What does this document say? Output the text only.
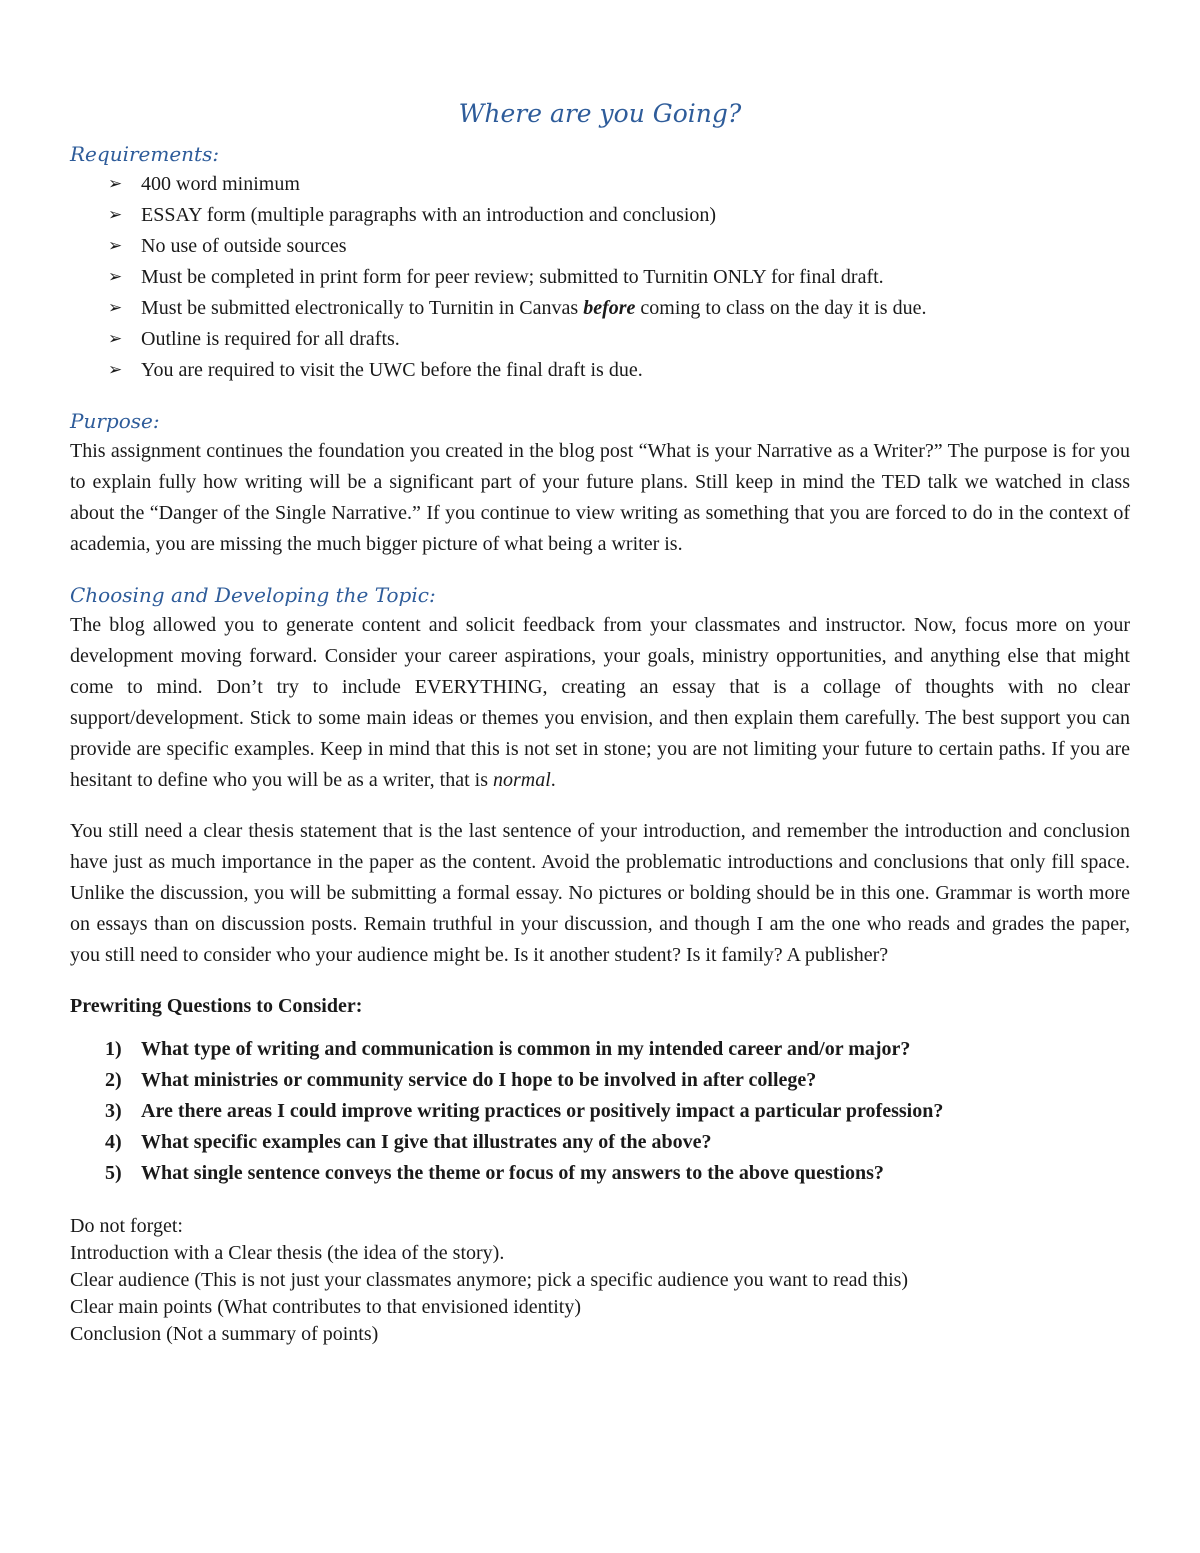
Where are you Going?
Requirements:
➢ 400 word minimum
➢ ESSAY form (multiple paragraphs with an introduction and conclusion)
➢ No use of outside sources
➢ Must be completed in print form for peer review; submitted to Turnitin ONLY for final draft.
➢ Must be submitted electronically to Turnitin in Canvas before coming to class on the day it is due.
➢ Outline is required for all drafts.
➢ You are required to visit the UWC before the final draft is due.
Purpose:

This assignment continues the foundation you created in the blog post “What is your Narrative as a Writer?” The purpose is for you to explain fully how writing will be a significant part of your future plans. Still keep in mind the TED talk we watched in class about the “Danger of the Single Narrative.” If you continue to view writing as something that you are forced to do in the context of academia, you are missing the much bigger picture of what being a writer is.

Choosing and Developing the Topic:

The blog allowed you to generate content and solicit feedback from your classmates and instructor. Now, focus more on your development moving forward. Consider your career aspirations, your goals, ministry opportunities, and anything else that might come to mind. Don’t try to include EVERYTHING, creating an essay that is a collage of thoughts with no clear support/development. Stick to some main ideas or themes you envision, and then explain them carefully. The best support you can provide are specific examples. Keep in mind that this is not set in stone; you are not limiting your future to certain paths. If you are hesitant to define who you will be as a writer, that is normal.

You still need a clear thesis statement that is the last sentence of your introduction, and remember the introduction and conclusion have just as much importance in the paper as the content. Avoid the problematic introductions and conclusions that only fill space. Unlike the discussion, you will be submitting a formal essay. No pictures or bolding should be in this one. Grammar is worth more on essays than on discussion posts. Remain truthful in your discussion, and though I am the one who reads and grades the paper, you still need to consider who your audience might be. Is it another student? Is it family? A publisher?

Prewriting Questions to Consider:

1) What type of writing and communication is common in my intended career and/or major?
2) What ministries or community service do I hope to be involved in after college?
3) Are there areas I could improve writing practices or positively impact a particular profession?
4) What specific examples can I give that illustrates any of the above?
5) What single sentence conveys the theme or focus of my answers to the above questions?
Do not forget:
Introduction with a Clear thesis (the idea of the story).
Clear audience (This is not just your classmates anymore; pick a specific audience you want to read this)
Clear main points (What contributes to that envisioned identity)
Conclusion (Not a summary of points)
